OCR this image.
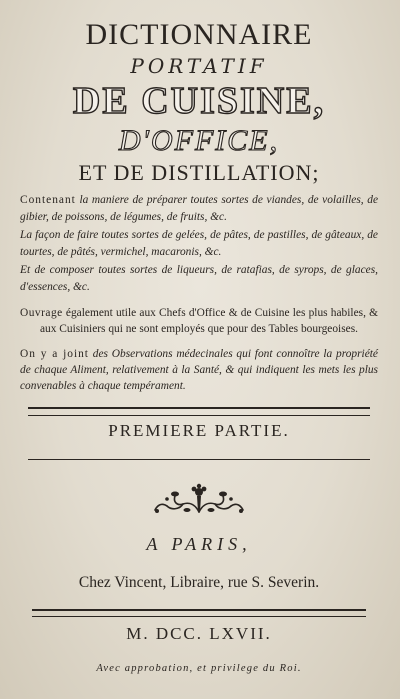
DICTIONNAIRE

PORTATIF

DE CUISINE,

D'OFFICE,

ET DE DISTILLATION;

Contenant la maniere de préparer toutes sortes de viandes, de volailles, de gibier, de poissons, de légumes, de fruits, &c.

La façon de faire toutes sortes de gelées, de pâtes, de pastilles, de gâteaux, de tourtes, de pâtés, vermichel, macaronis, &c.

Et de composer toutes sortes de liqueurs, de ratafias, de syrops, de glaces, d'essences, &c.

Ouvrage également utile aux Chefs d'Office & de Cuisine les plus habiles, & aux Cuisiniers qui ne sont employés que pour des Tables bourgeoises.

On y a joint des Observations médecinales qui font connoître la propriété de chaque Aliment, relativement à la Santé, & qui indiquent les mets les plus convenables à chaque tempérament.

PREMIERE PARTIE.

A PARIS,

Chez Vincent, Libraire, rue S. Severin.

M. DCC. LXVII.

Avec approbation, et privilege du Roi.
